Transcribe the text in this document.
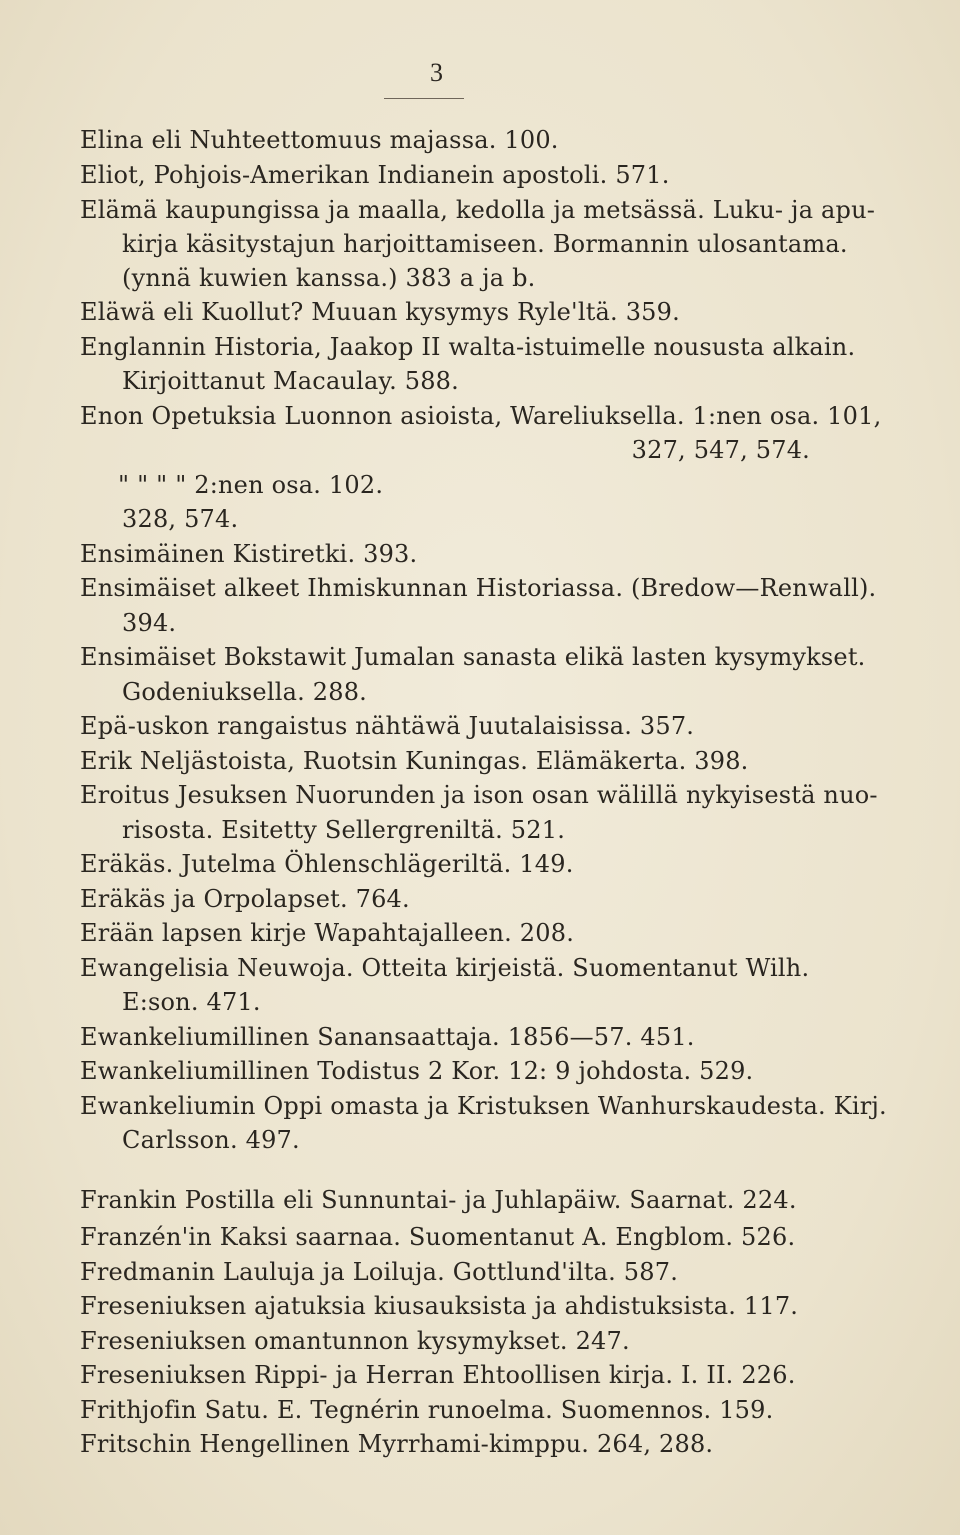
3
Elina eli Nuhteettomuus majassa. 100.
Eliot, Pohjois-Amerikan Indianein apostoli. 571.
Elämä kaupungissa ja maalla, kedolla ja metsässä. Luku- ja apu-
kirja käsitystajun harjoittamiseen. Bormannin ulosantama.
(ynnä kuwien kanssa.) 383 a ja b.
Eläwä eli Kuollut? Muuan kysymys Ryle'ltä. 359.
Englannin Historia, Jaakop II walta-istuimelle noususta alkain.
Kirjoittanut Macaulay. 588.
Enon Opetuksia Luonnon asioista, Wareliuksella. 1:nen osa. 101,
327, 547, 574.
" " " " 2:nen osa. 102.
328, 574.
Ensimäinen Kistiretki. 393.
Ensimäiset alkeet Ihmiskunnan Historiassa. (Bredow—Renwall).
394.
Ensimäiset Bokstawit Jumalan sanasta elikä lasten kysymykset.
Godeniuksella. 288.
Epä-uskon rangaistus nähtäwä Juutalaisissa. 357.
Erik Neljästoista, Ruotsin Kuningas. Elämäkerta. 398.
Eroitus Jesuksen Nuorunden ja ison osan wälillä nykyisestä nuo-
risosta. Esitetty Sellergreniltä. 521.
Eräkäs. Jutelma Öhlenschlägeriltä. 149.
Eräkäs ja Orpolapset. 764.
Erään lapsen kirje Wapahtajalleen. 208.
Ewangelisia Neuwoja. Otteita kirjeistä. Suomentanut Wilh.
E:son. 471.
Ewankeliumillinen Sanansaattaja. 1856—57. 451.
Ewankeliumillinen Todistus 2 Kor. 12: 9 johdosta. 529.
Ewankeliumin Oppi omasta ja Kristuksen Wanhurskaudesta. Kirj.
Carlsson. 497.
Frankin Postilla eli Sunnuntai- ja Juhlapäiw. Saarnat. 224.
Franzén'in Kaksi saarnaa. Suomentanut A. Engblom. 526.
Fredmanin Lauluja ja Loiluja. Gottlund'ilta. 587.
Freseniuksen ajatuksia kiusauksista ja ahdistuksista. 117.
Freseniuksen omantunnon kysymykset. 247.
Freseniuksen Rippi- ja Herran Ehtoollisen kirja. I. II. 226.
Frithjofin Satu. E. Tegnérin runoelma. Suomennos. 159.
Fritschin Hengellinen Myrrhami-kimppu. 264, 288.
